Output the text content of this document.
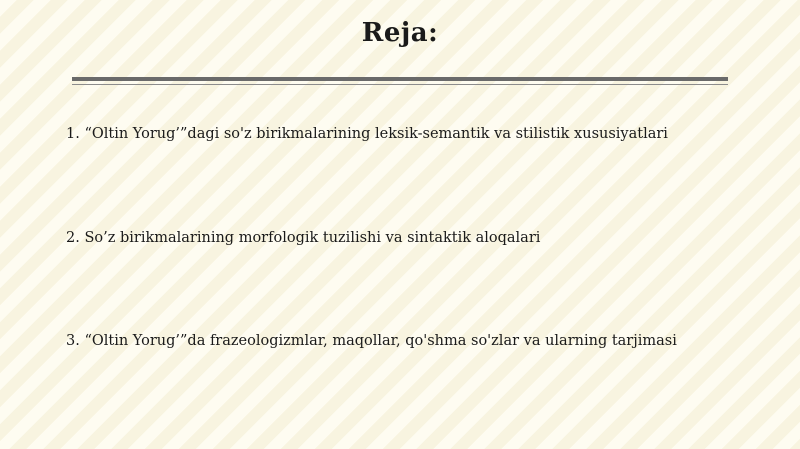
Reja:

1. “Oltin Yorug’”dagi so'z birikmalarining leksik-semantik va stilistik xususiyatlari

2. So’z birikmalarining morfologik tuzilishi va sintaktik aloqalari

3. “Oltin Yorug’”da frazeologizmlar, maqollar, qo'shma so'zlar va ularning tarjimasi
